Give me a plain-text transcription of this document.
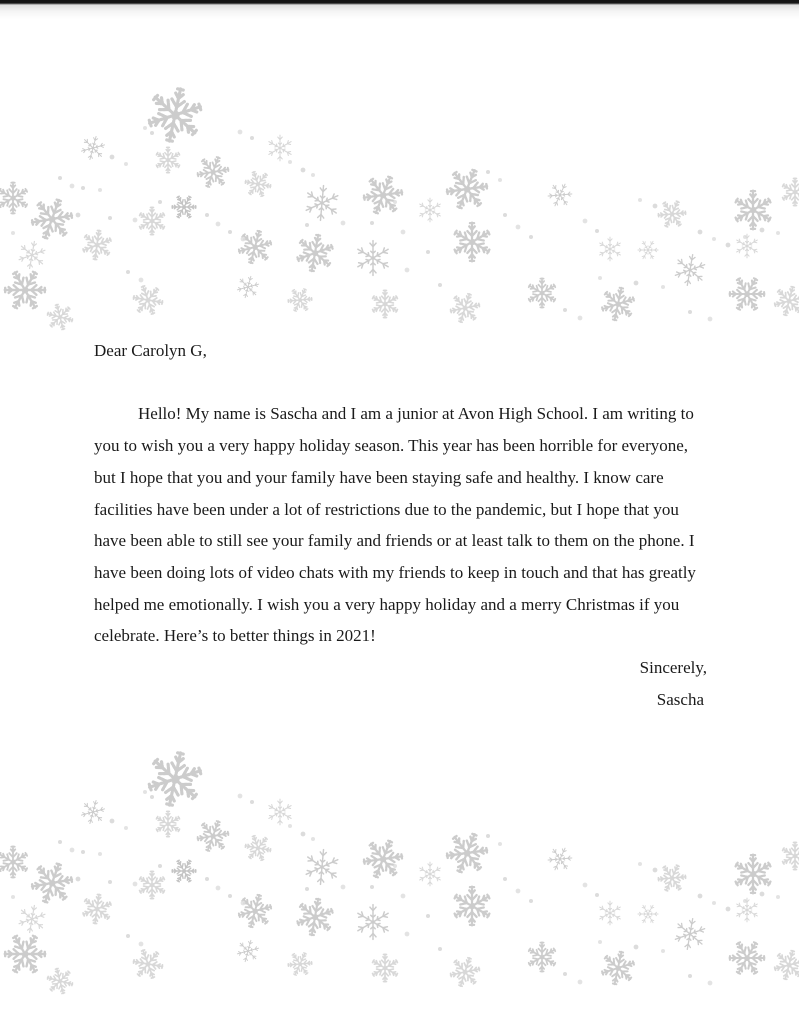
Dear Carolyn G,

Hello! My name is Sascha and I am a junior at Avon High School. I am writing to you to wish you a very happy holiday season. This year has been horrible for everyone, but I hope that you and your family have been staying safe and healthy. I know care facilities have been under a lot of restrictions due to the pandemic, but I hope that you have been able to still see your family and friends or at least talk to them on the phone. I have been doing lots of video chats with my friends to keep in touch and that has greatly helped me emotionally. I wish you a very happy holiday and a merry Christmas if you celebrate. Here’s to better things in 2021!

Sincerely,

Sascha
